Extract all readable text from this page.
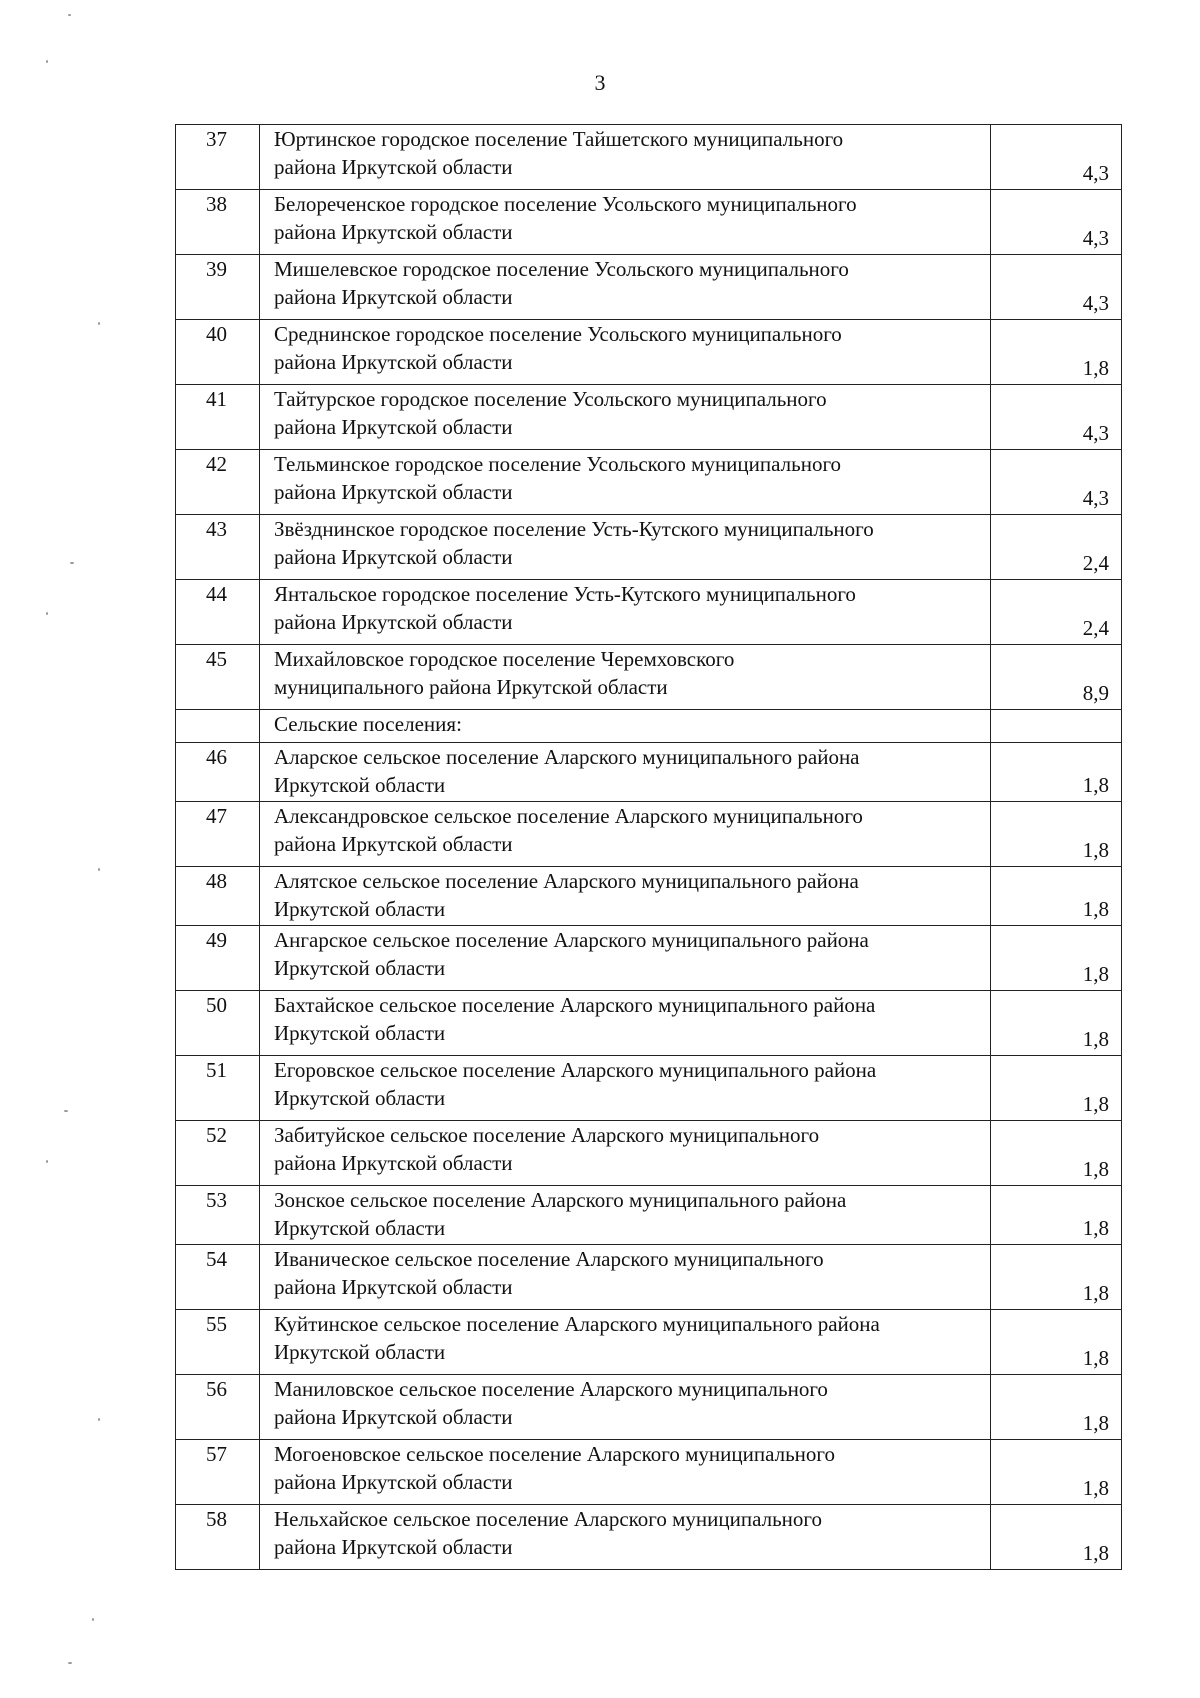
3
37	Юртинское городское поселение Тайшетского муниципального
района Иркутской области	4,3
38	Белореченское городское поселение Усольского муниципального
района Иркутской области	4,3
39	Мишелевское городское поселение Усольского муниципального
района Иркутской области	4,3
40	Среднинское городское поселение Усольского муниципального
района Иркутской области	1,8
41	Тайтурское городское поселение Усольского муниципального
района Иркутской области	4,3
42	Тельминское городское поселение Усольского муниципального
района Иркутской области	4,3
43	Звёзднинское городское поселение Усть-Кутского муниципального
района Иркутской области	2,4
44	Янтальское городское поселение Усть-Кутского муниципального
района Иркутской области	2,4
45	Михайловское городское поселение Черемховского
муниципального района Иркутской области	8,9

	Сельские поселения:	

46	Аларское сельское поселение Аларского муниципального района
Иркутской области	1,8
47	Александровское сельское поселение Аларского муниципального
района Иркутской области	1,8
48	Алятское сельское поселение Аларского муниципального района
Иркутской области	1,8
49	Ангарское сельское поселение Аларского муниципального района
Иркутской области	1,8
50	Бахтайское сельское поселение Аларского муниципального района
Иркутской области	1,8
51	Егоровское сельское поселение Аларского муниципального района
Иркутской области	1,8
52	Забитуйское сельское поселение Аларского муниципального
района Иркутской области	1,8
53	Зонское сельское поселение Аларского муниципального района
Иркутской области	1,8
54	Иваническое сельское поселение Аларского муниципального
района Иркутской области	1,8
55	Куйтинское сельское поселение Аларского муниципального района
Иркутской области	1,8
56	Маниловское сельское поселение Аларского муниципального
района Иркутской области	1,8
57	Могоеновское сельское поселение Аларского муниципального
района Иркутской области	1,8
58	Нельхайское сельское поселение Аларского муниципального
района Иркутской области	1,8
